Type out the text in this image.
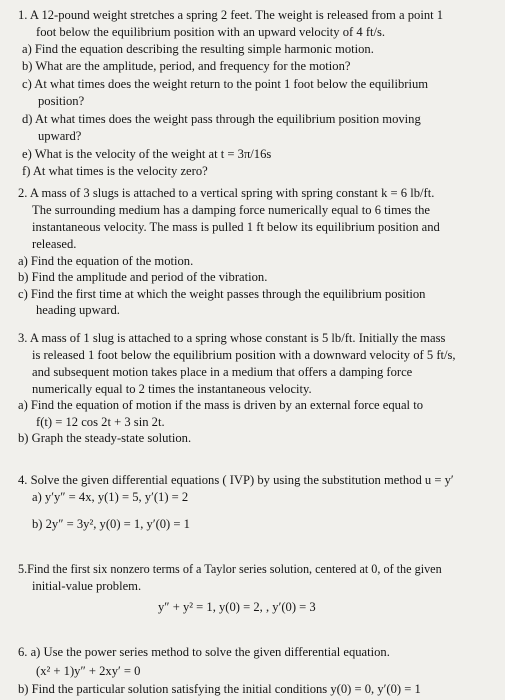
1. A 12-pound weight stretches a spring 2 feet. The weight is released from a point 1
foot below the equilibrium position with an upward velocity of 4 ft/s.
a) Find the equation describing the resulting simple harmonic motion.
b) What are the amplitude, period, and frequency for the motion?
c) At what times does the weight return to the point 1 foot below the equilibrium
position?
d) At what times does the weight pass through the equilibrium position moving
upward?
e) What is the velocity of the weight at t = 3π/16s
f) At what times is the velocity zero?
2. A mass of 3 slugs is attached to a vertical spring with spring constant k = 6 lb/ft.
The surrounding medium has a damping force numerically equal to 6 times the
instantaneous velocity. The mass is pulled 1 ft below its equilibrium position and
released.
a) Find the equation of the motion.
b) Find the amplitude and period of the vibration.
c) Find the first time at which the weight passes through the equilibrium position
heading upward.
3. A mass of 1 slug is attached to a spring whose constant is 5 lb/ft. Initially the mass
is released 1 foot below the equilibrium position with a downward velocity of 5 ft/s,
and subsequent motion takes place in a medium that offers a damping force
numerically equal to 2 times the instantaneous velocity.
a) Find the equation of motion if the mass is driven by an external force equal to
f(t) = 12 cos 2t + 3 sin 2t.
b) Graph the steady-state solution.
4. Solve the given differential equations ( IVP) by using the substitution method u = y′
a) y′y″ = 4x, y(1) = 5, y′(1) = 2
b) 2y″ = 3y², y(0) = 1, y′(0) = 1
5.Find the first six nonzero terms of a Taylor series solution, centered at 0, of the given
initial-value problem.
y″ + y² = 1, y(0) = 2, , y′(0) = 3
6. a) Use the power series method to solve the given differential equation.
(x² + 1)y″ + 2xy′ = 0
b) Find the particular solution satisfying the initial conditions y(0) = 0, y′(0) = 1
